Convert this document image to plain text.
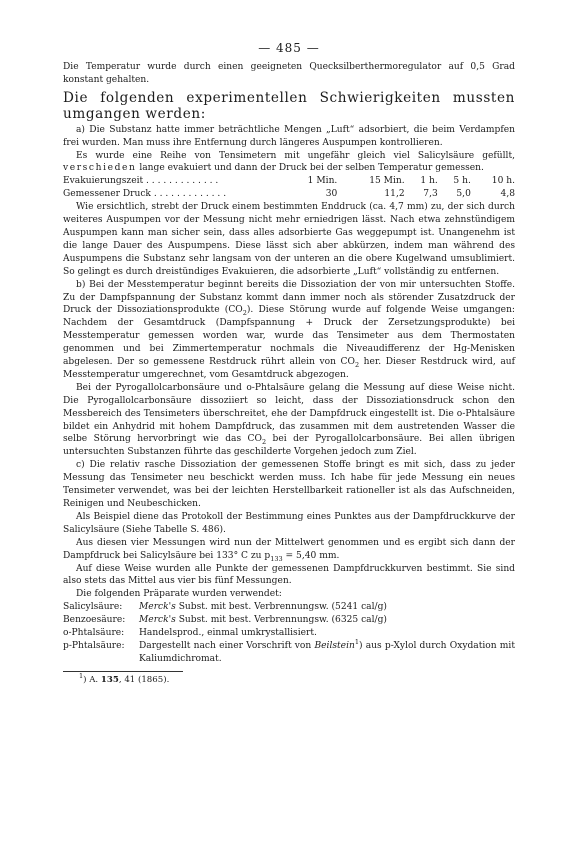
— 485 —

Die Temperatur wurde durch einen geeigneten Quecksilberthermoregulator auf 0,5 Grad konstant gehalten.

Die folgenden experimentellen Schwierigkeiten mussten umgangen werden:

a) Die Substanz hatte immer beträchtliche Mengen „Luft“ adsorbiert, die beim Verdampfen frei wurden. Man muss ihre Entfernung durch längeres Auspumpen kontrollieren.

Es wurde eine Reihe von Tensimetern mit ungefähr gleich viel Salicylsäure gefüllt, verschieden lange evakuiert und dann der Druck bei der selben Temperatur gemessen.

Evakuierungszeit . . . . . . . . . . . . .	1 Min.	15 Min.	1 h.	5 h.	10 h.
Gemessener Druck . . . . . . . . . . . . .	30	11,2	7,3	5,0	4,8

Wie ersichtlich, strebt der Druck einem bestimmten Enddruck (ca. 4,7 mm) zu, der sich durch weiteres Auspumpen vor der Messung nicht mehr erniedrigen lässt. Nach etwa zehnstündigem Auspumpen kann man sicher sein, dass alles adsorbierte Gas weggepumpt ist. Unangenehm ist die lange Dauer des Auspumpens. Diese lässt sich aber abkürzen, indem man während des Auspumpens die Substanz sehr langsam von der unteren an die obere Kugelwand umsublimiert. So gelingt es durch dreistündiges Evakuieren, die adsorbierte „Luft“ vollständig zu entfernen.

b) Bei der Messtemperatur beginnt bereits die Dissoziation der von mir untersuchten Stoffe. Zu der Dampfspannung der Substanz kommt dann immer noch als störender Zusatzdruck der Druck der Dissoziationsprodukte $(CO_2)$. Diese Störung wurde auf folgende Weise umgangen: Nachdem der Gesamtdruck (Dampfspannung + Druck der Zersetzungsprodukte) bei Messtemperatur gemessen worden war, wurde das Tensimeter aus dem Thermostaten genommen und bei Zimmertemperatur nochmals die Niveaudifferenz der Hg-Menisken abgelesen. Der so gemessene Restdruck rührt allein von $CO_2$ her. Dieser Restdruck wird, auf Messtemperatur umgerechnet, vom Gesamtdruck abgezogen.

Bei der Pyrogallolcarbonsäure und o-Phtalsäure gelang die Messung auf diese Weise nicht. Die Pyrogallolcarbonsäure dissoziiert so leicht, dass der Dissoziationsdruck schon den Messbereich des Tensimeters überschreitet, ehe der Dampfdruck eingestellt ist. Die o-Phtalsäure bildet ein Anhydrid mit hohem Dampfdruck, das zusammen mit dem austretenden Wasser die selbe Störung hervorbringt wie das $CO_2$ bei der Pyrogallolcarbonsäure. Bei allen übrigen untersuchten Substanzen führte das geschilderte Vorgehen jedoch zum Ziel.

c) Die relativ rasche Dissoziation der gemessenen Stoffe bringt es mit sich, dass zu jeder Messung das Tensimeter neu beschickt werden muss. Ich habe für jede Messung ein neues Tensimeter verwendet, was bei der leichten Herstellbarkeit rationeller ist als das Aufschneiden, Reinigen und Neubeschicken.

Als Beispiel diene das Protokoll der Bestimmung eines Punktes aus der Dampfdruckkurve der Salicylsäure (Siehe Tabelle S. 486).

Aus diesen vier Messungen wird nun der Mittelwert genommen und es ergibt sich dann der Dampfdruck bei Salicylsäure bei 133° C zu $p_{133} = 5,40$ mm.

Auf diese Weise wurden alle Punkte der gemessenen Dampfdruckkurven bestimmt. Sie sind also stets das Mittel aus vier bis fünf Messungen.

Die folgenden Präparate wurden verwendet:

Salicylsäure:	Merck's Subst. mit best. Verbrennungsw. (5241 cal/g)
Benzoesäure:	Merck's Subst. mit best. Verbrennungsw. (6325 cal/g)
o-Phtalsäure:	Handelsprod., einmal umkrystallisiert.
p-Phtalsäure:	Dargestellt nach einer Vorschrift von Beilstein$^1$) aus p-Xylol durch Oxydation mit Kaliumdichromat.
$^1$) A. 135, 41 (1865).
